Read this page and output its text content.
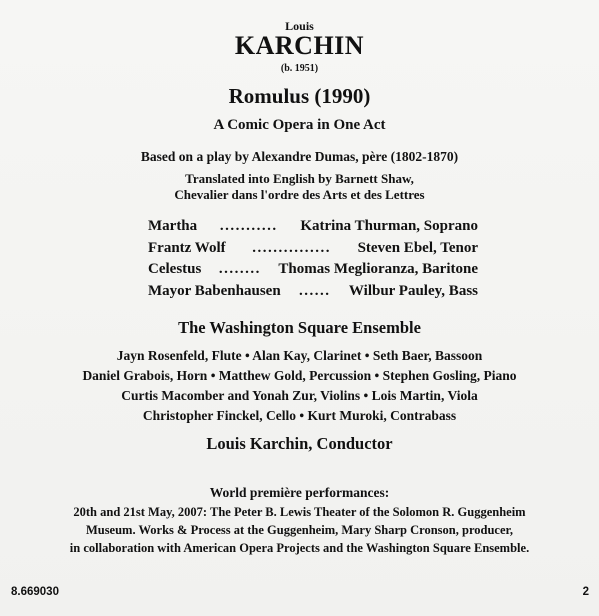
Louis
KARCHIN
(b. 1951)
Romulus (1990)
A Comic Opera in One Act
Based on a play by Alexandre Dumas, père (1802-1870)
Translated into English by Barnett Shaw,
Chevalier dans l'ordre des Arts et des Lettres
Martha	...........	Katrina Thurman, Soprano
Frantz Wolf	...............	Steven Ebel, Tenor
Celestus	........	Thomas Meglioranza, Baritone
Mayor Babenhausen	......	Wilbur Pauley, Bass
The Washington Square Ensemble
Jayn Rosenfeld, Flute • Alan Kay, Clarinet • Seth Baer, Bassoon
Daniel Grabois, Horn • Matthew Gold, Percussion • Stephen Gosling, Piano
Curtis Macomber and Yonah Zur, Violins • Lois Martin, Viola
Christopher Finckel, Cello • Kurt Muroki, Contrabass
Louis Karchin, Conductor
World première performances:
20th and 21st May, 2007: The Peter B. Lewis Theater of the Solomon R. Guggenheim
Museum. Works & Process at the Guggenheim, Mary Sharp Cronson, producer,
in collaboration with American Opera Projects and the Washington Square Ensemble.
8.669030	2
